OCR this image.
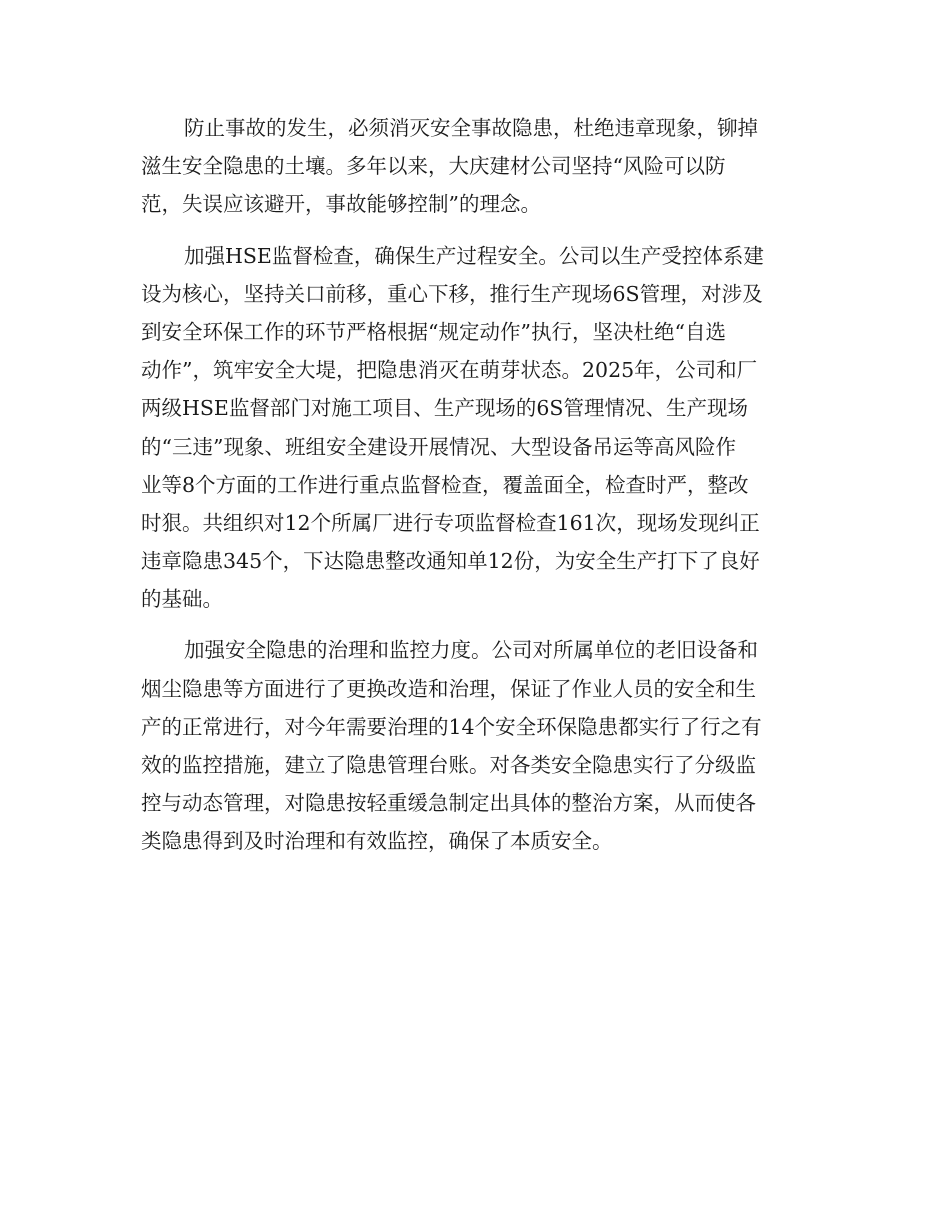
防止事故的发生，必须消灭安全事故隐患，杜绝违章现象，铆掉
滋生安全隐患的土壤。多年以来，大庆建材公司坚持“风险可以防
范，失误应该避开，事故能够控制”的理念。
加强HSE监督检查，确保生产过程安全。公司以生产受控体系建
设为核心，坚持关口前移，重心下移，推行生产现场6S管理，对涉及
到安全环保工作的环节严格根据“规定动作”执行，坚决杜绝“自选
动作”，筑牢安全大堤，把隐患消灭在萌芽状态。2025年，公司和厂
两级HSE监督部门对施工项目、生产现场的6S管理情况、生产现场
的“三违”现象、班组安全建设开展情况、大型设备吊运等高风险作
业等8个方面的工作进行重点监督检查，覆盖面全，检查时严，整改
时狠。共组织对12个所属厂进行专项监督检查161次，现场发现纠正
违章隐患345个，下达隐患整改通知单12份，为安全生产打下了良好
的基础。
加强安全隐患的治理和监控力度。公司对所属单位的老旧设备和
烟尘隐患等方面进行了更换改造和治理，保证了作业人员的安全和生
产的正常进行，对今年需要治理的14个安全环保隐患都实行了行之有
效的监控措施，建立了隐患管理台账。对各类安全隐患实行了分级监
控与动态管理，对隐患按轻重缓急制定出具体的整治方案，从而使各
类隐患得到及时治理和有效监控，确保了本质安全。
